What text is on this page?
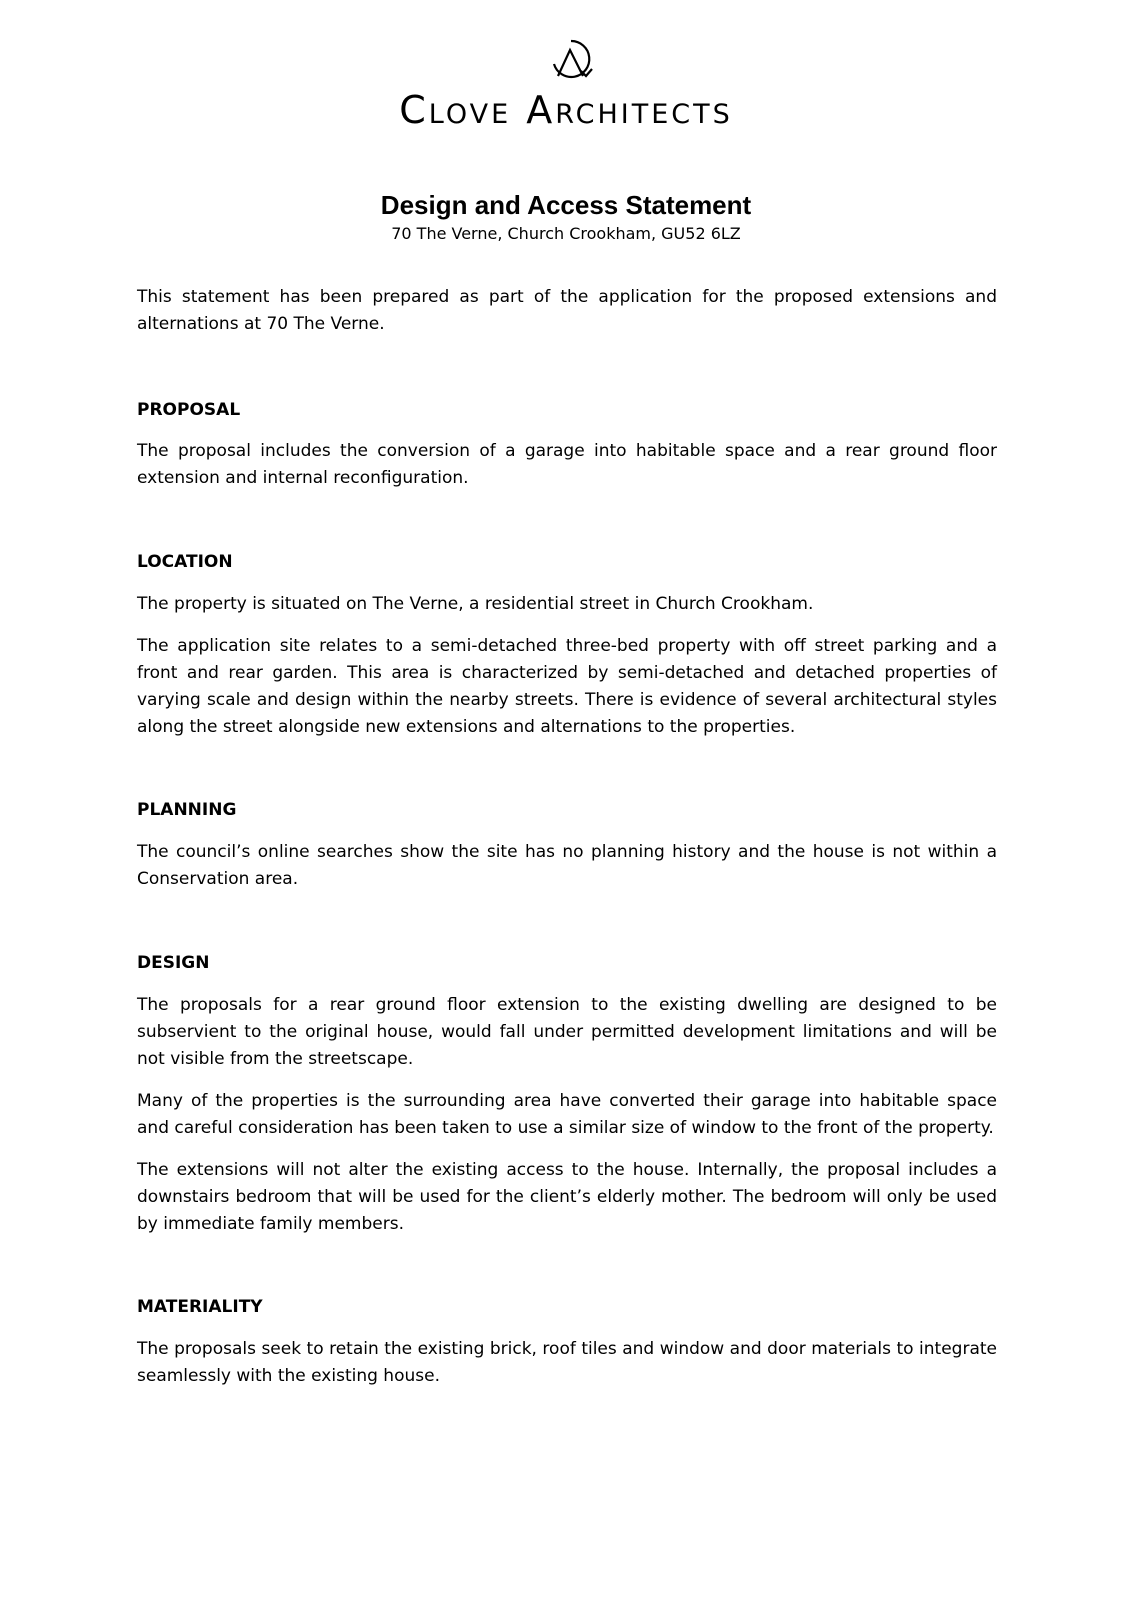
Clove Architects
Design and Access Statement
70 The Verne, Church Crookham, GU52 6LZ

This statement has been prepared as part of the application for the proposed extensions and alternations at 70 The Verne.

PROPOSAL

The proposal includes the conversion of a garage into habitable space and a rear ground floor extension and internal reconfiguration.

LOCATION

The property is situated on The Verne, a residential street in Church Crookham.

The application site relates to a semi-detached three-bed property with off street parking and a front and rear garden. This area is characterized by semi-detached and detached properties of varying scale and design within the nearby streets. There is evidence of several architectural styles along the street alongside new extensions and alternations to the properties.

PLANNING

The council’s online searches show the site has no planning history and the house is not within a Conservation area.

DESIGN

The proposals for a rear ground floor extension to the existing dwelling are designed to be subservient to the original house, would fall under permitted development limitations and will be not visible from the streetscape.

Many of the properties is the surrounding area have converted their garage into habitable space and careful consideration has been taken to use a similar size of window to the front of the property.

The extensions will not alter the existing access to the house. Internally, the proposal includes a downstairs bedroom that will be used for the client’s elderly mother. The bedroom will only be used by immediate family members.

MATERIALITY

The proposals seek to retain the existing brick, roof tiles and window and door materials to integrate seamlessly with the existing house.
